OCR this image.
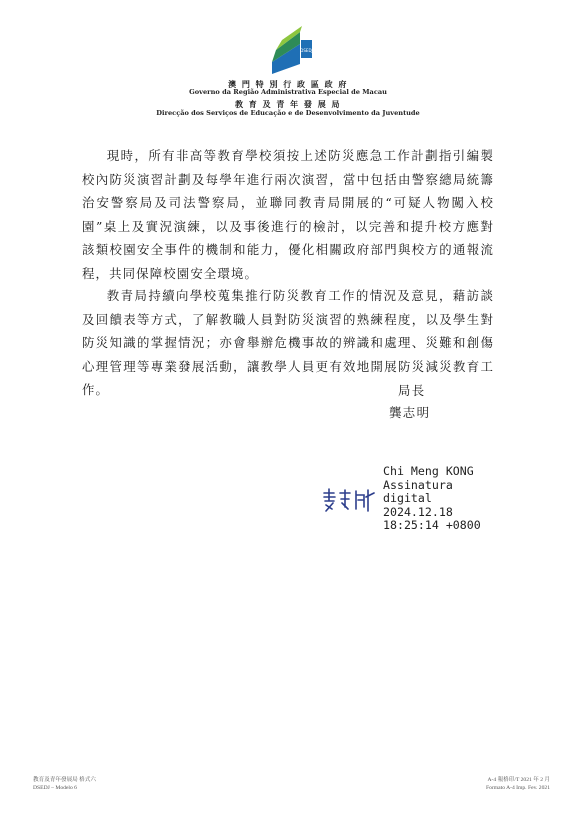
DSEDJ
澳 門 特 別 行 政 區 政 府
Governo da Região Administrativa Especial de Macau
教 育 及 青 年 發 展 局
Direcção dos Serviços de Educação e de Desenvolvimento da Juventude

現時，所有非高等教育學校須按上述防災應急工作計劃指引編製校內防災演習計劃及每學年進行兩次演習，當中包括由警察總局統籌治安警察局及司法警察局，並聯同教青局開展的“可疑人物闖入校園”桌上及實況演練，以及事後進行的檢討，以完善和提升校方應對該類校園安全事件的機制和能力，優化相關政府部門與校方的通報流程，共同保障校園安全環境。

教青局持續向學校蒐集推行防災教育工作的情況及意見，藉訪談及回饋表等方式，了解教職人員對防災演習的熟練程度，以及學生對防災知識的掌握情況；亦會舉辦危機事故的辨識和處理、災難和創傷心理管理等專業發展活動，讓教學人員更有效地開展防災減災教育工作。	局長
龔志明
Chi Meng KONG
Assinatura
digital
2024.12.18
18:25:14 +0800
教育及青年發展局 格式六
DSEDJ – Modelo 6
A-4 報格印/T 2021 年 2 月
Formato A-4 Imp. Fev. 2021
